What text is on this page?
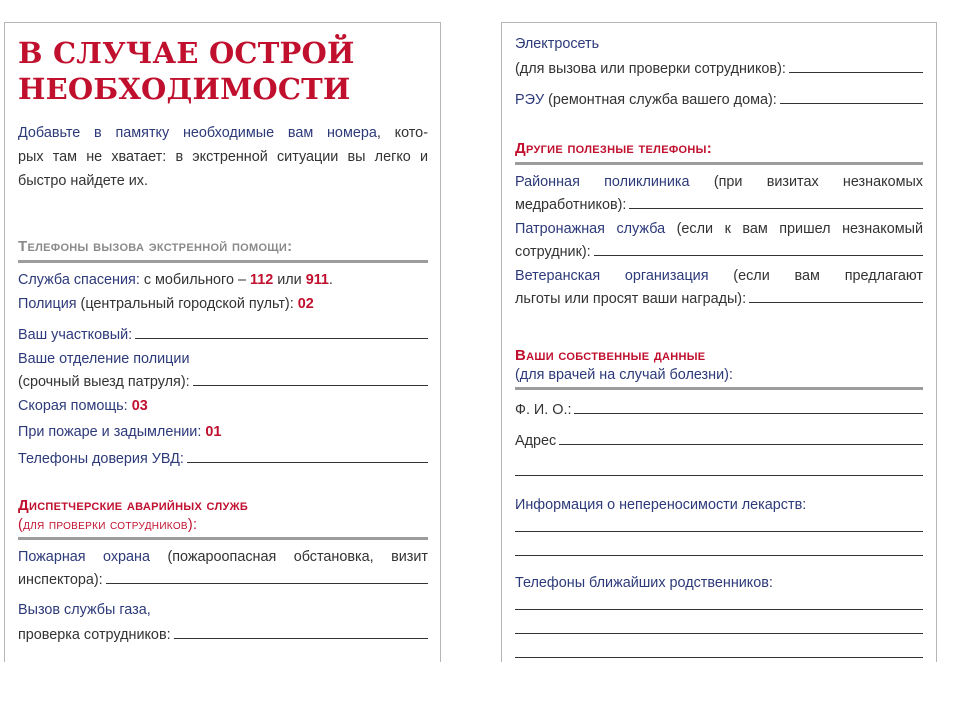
В СЛУЧАЕ ОСТРОЙ
НЕОБХОДИМОСТИ
Добавьте в памятку необходимые вам номера, кото-
рых там не хватает: в экстренной ситуации вы легко и
быстро найдете их.
Телефоны вызова экстренной помощи:
Служба спасения: с мобильного – 112 или 911 .
Полиция (центральный городской пульт): 02
Ваш участковый:
Ваше отделение полиции
(срочный выезд патруля):
Скорая помощь:
03
При пожаре и задымлении:
01
Телефоны доверия УВД:
Диспетчерские аварийных служб
(для проверки сотрудников):
Пожарная охрана (пожароопасная обстановка, визит
инспектора):
Вызов службы газа,
проверка сотрудников:
Электросеть
(для вызова или проверки сотрудников):
РЭУ (ремонтная служба вашего дома):
Другие полезные телефоны:
Районная поликлиника (при визитах незнакомых
медработников):
Патронажная служба (если к вам пришел незнакомый
сотрудник):
Ветеранская организация (если вам предлагают
льготы или просят ваши награды):
Ваши собственные данные
(для врачей на случай болезни):
Ф. И. О.:
Адрес
Информация о непереносимости лекарств:
Телефоны ближайших родственников:
